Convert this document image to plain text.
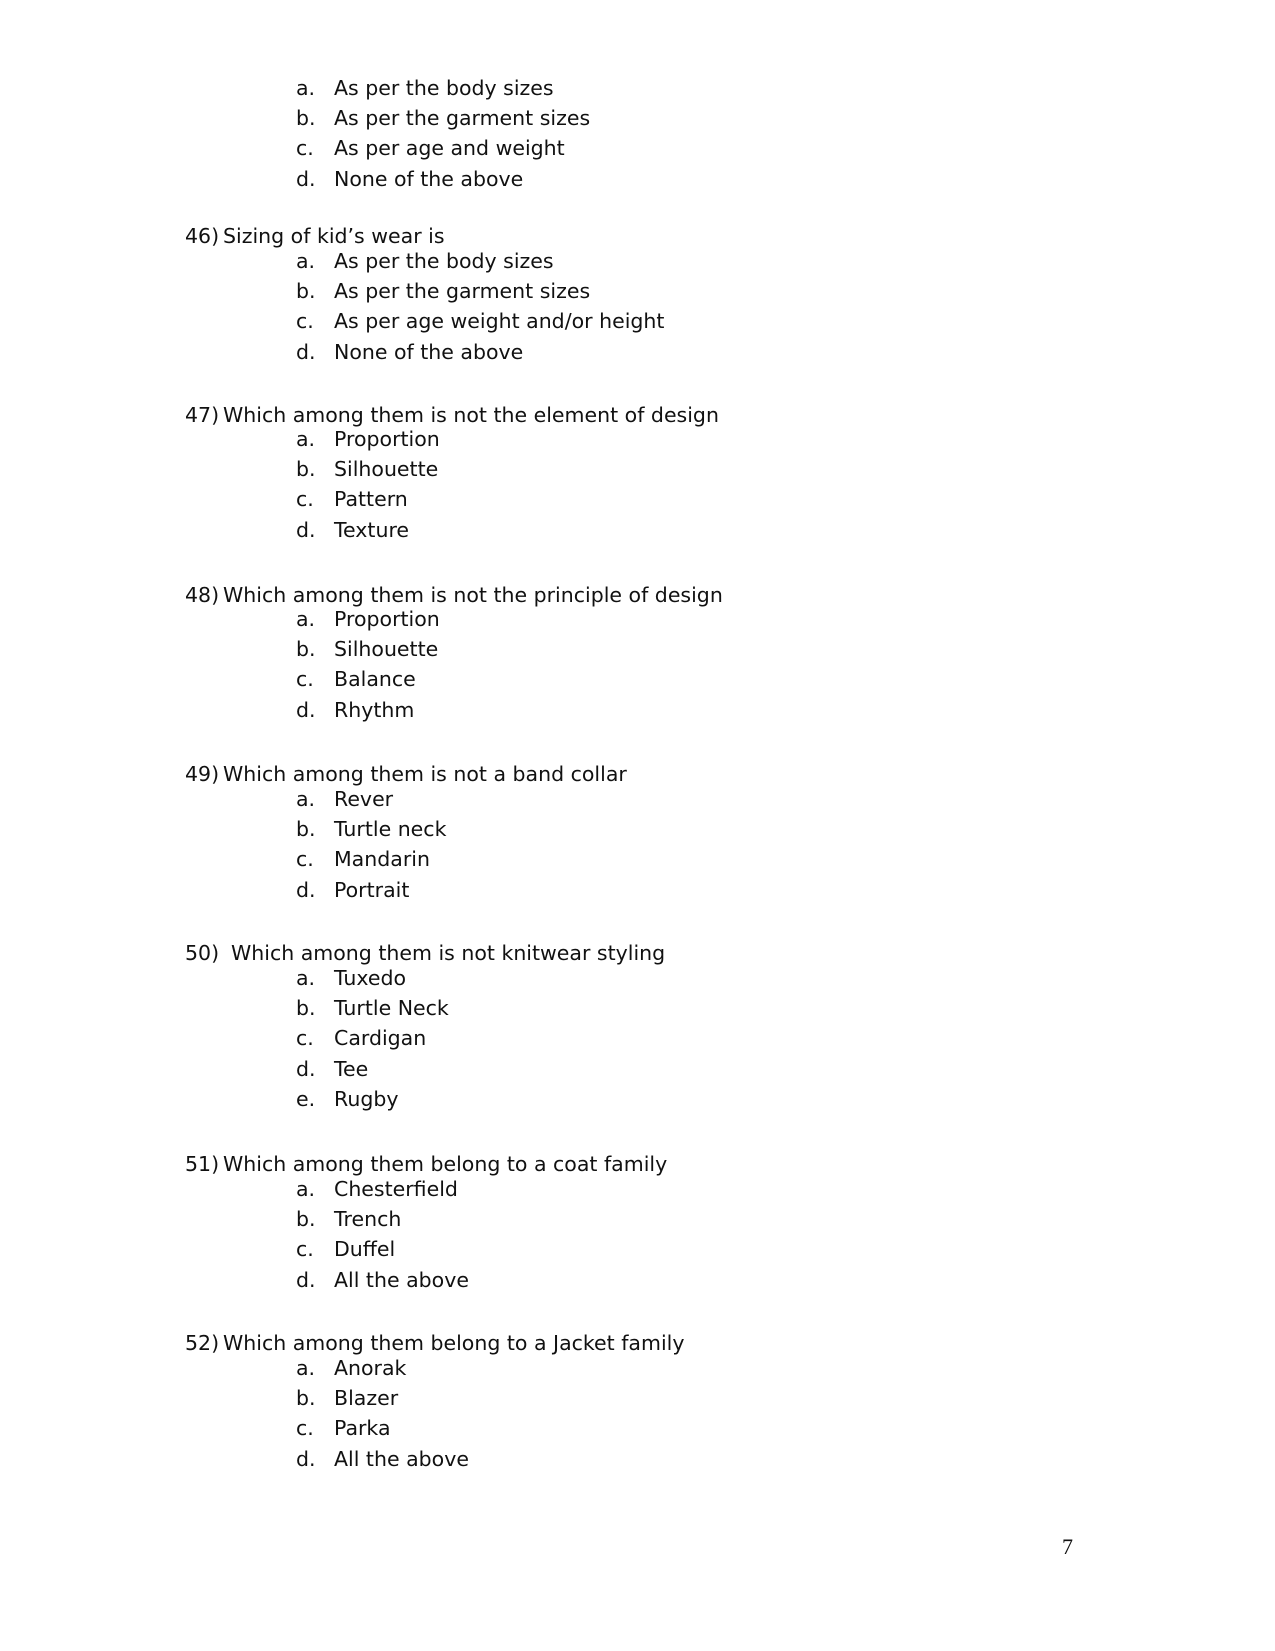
a. As per the body sizes
b. As per the garment sizes
c. As per age and weight
d. None of the above
46) Sizing of kid’s wear is
a. As per the body sizes
b. As per the garment sizes
c. As per age weight and/or height
d. None of the above
47) Which among them is not the element of design
a. Proportion
b. Silhouette
c. Pattern
d. Texture
48) Which among them is not the principle of design
a. Proportion
b. Silhouette
c. Balance
d. Rhythm
49) Which among them is not a band collar
a. Rever
b. Turtle neck
c. Mandarin
d. Portrait
50) Which among them is not knitwear styling
a. Tuxedo
b. Turtle Neck
c. Cardigan
d. Tee
e. Rugby
51) Which among them belong to a coat family
a. Chesterfield
b. Trench
c. Duffel
d. All the above
52) Which among them belong to a Jacket family
a. Anorak
b. Blazer
c. Parka
d. All the above
7
